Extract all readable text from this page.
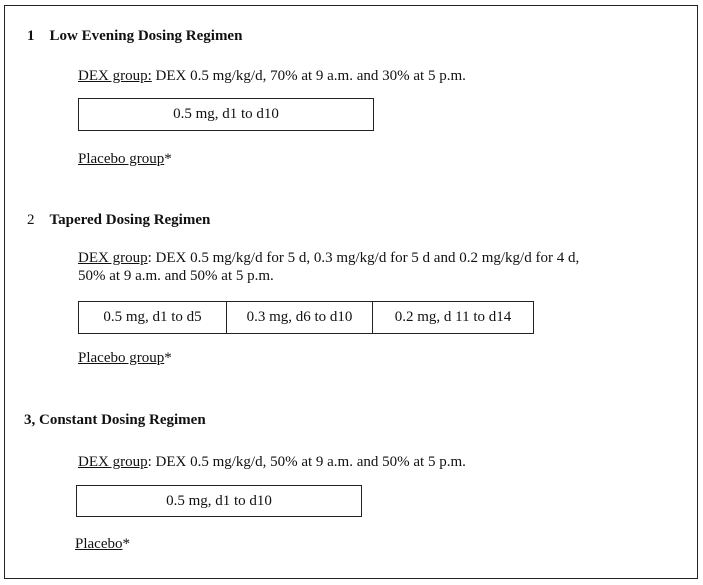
1 Low Evening Dosing Regimen
DEX group: DEX 0.5 mg/kg/d, 70% at 9 a.m. and 30% at 5 p.m.
0.5 mg, d1 to d10
Placebo group*
2 Tapered Dosing Regimen
DEX group: DEX 0.5 mg/kg/d for 5 d, 0.3 mg/kg/d for 5 d and 0.2 mg/kg/d for 4 d,
50% at 9 a.m. and 50% at 5 p.m.
0.5 mg, d1 to d5	0.3 mg, d6 to d10	0.2 mg, d 11 to d14
Placebo group*
3, Constant Dosing Regimen
DEX group: DEX 0.5 mg/kg/d, 50% at 9 a.m. and 50% at 5 p.m.
0.5 mg, d1 to d10
Placebo*
